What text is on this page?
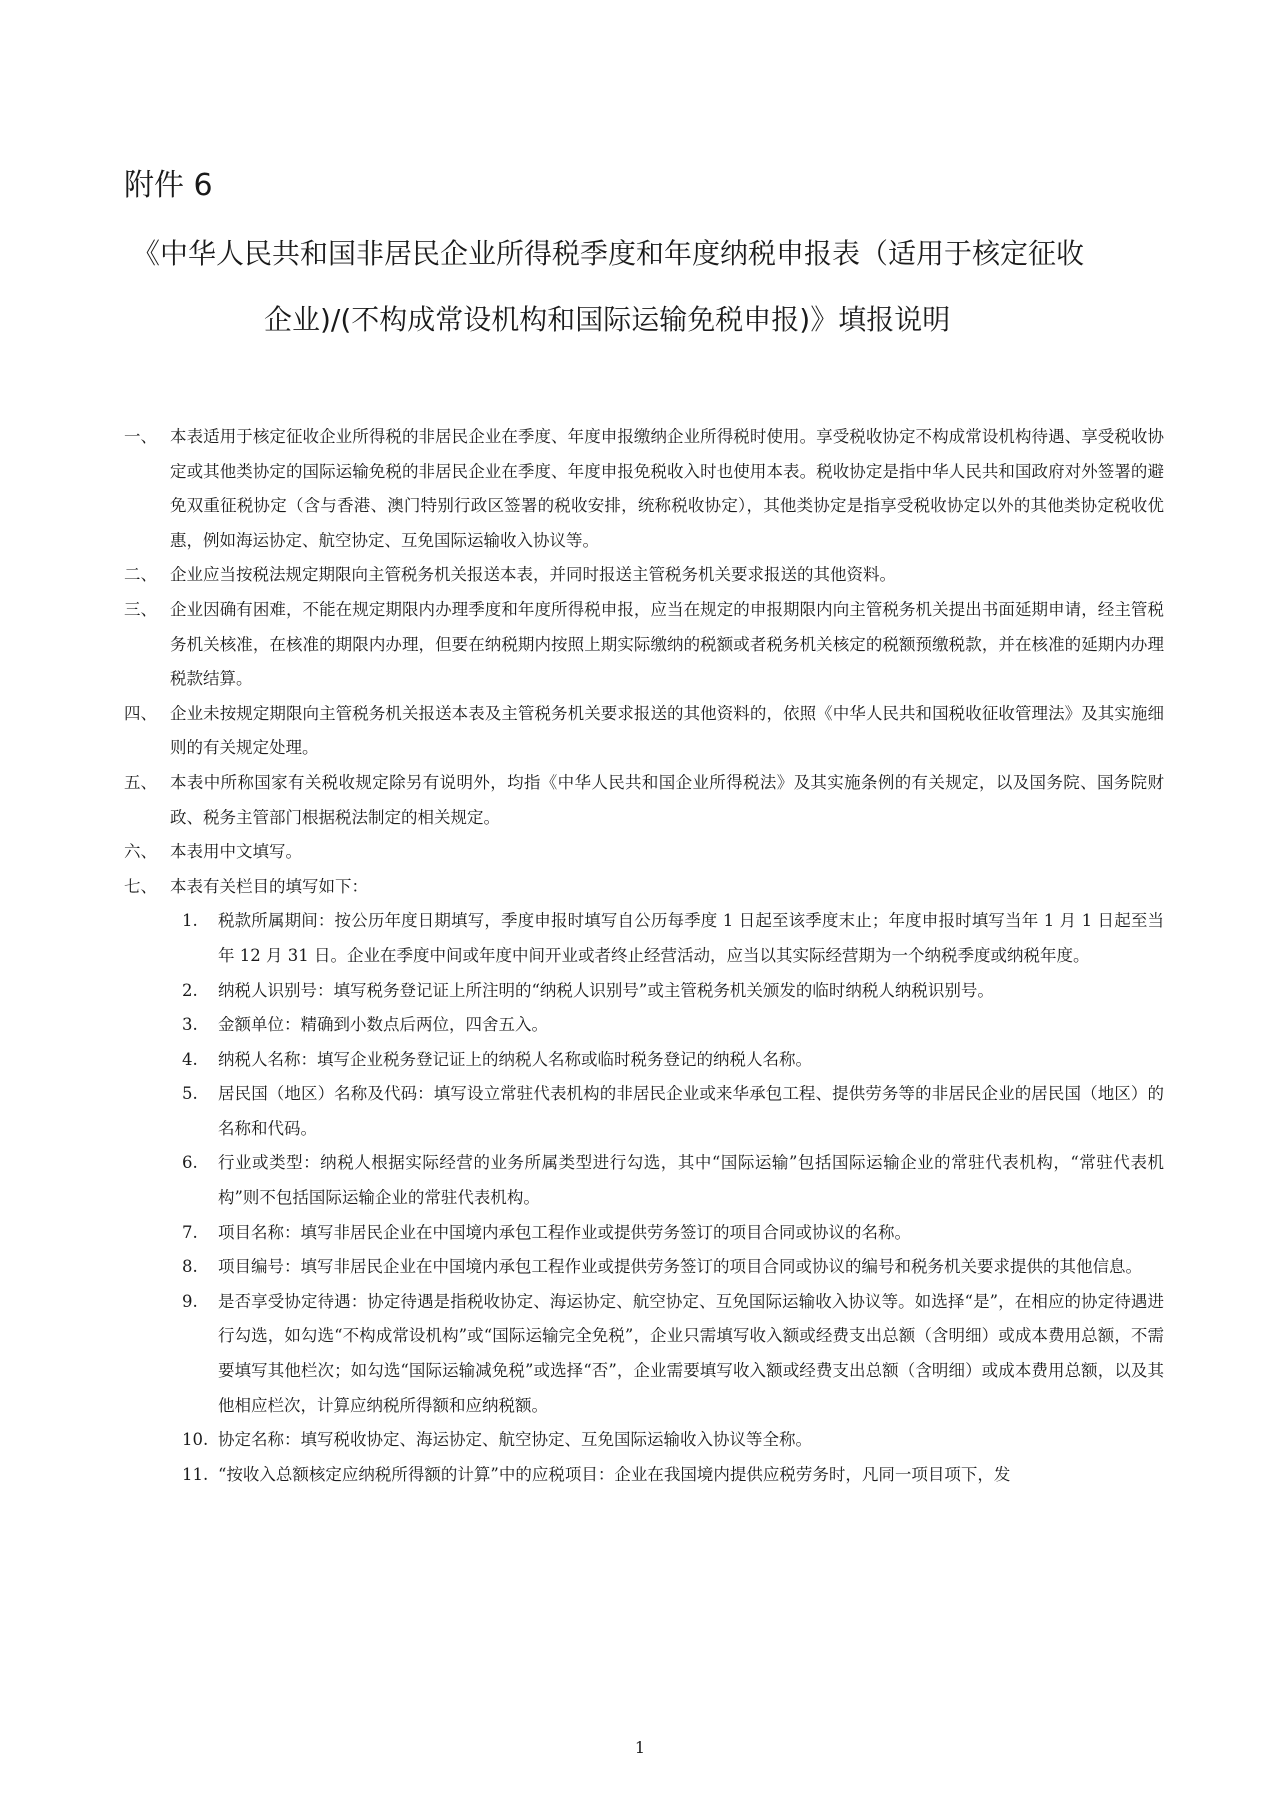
附件 6
《中华人民共和国非居民企业所得税季度和年度纳税申报表（适用于核定征收
企业)/(不构成常设机构和国际运输免税申报)》填报说明
一、 本表适用于核定征收企业所得税的非居民企业在季度、年度申报缴纳企业所得税时使用。享受税收协定不构成常设机构待遇、享受税收协定或其他类协定的国际运输免税的非居民企业在季度、年度申报免税收入时也使用本表。税收协定是指中华人民共和国政府对外签署的避免双重征税协定（含与香港、澳门特别行政区签署的税收安排，统称税收协定），其他类协定是指享受税收协定以外的其他类协定税收优惠，例如海运协定、航空协定、互免国际运输收入协议等。
二、 企业应当按税法规定期限向主管税务机关报送本表，并同时报送主管税务机关要求报送的其他资料。
三、 企业因确有困难，不能在规定期限内办理季度和年度所得税申报，应当在规定的申报期限内向主管税务机关提出书面延期申请，经主管税务机关核准，在核准的期限内办理，但要在纳税期内按照上期实际缴纳的税额或者税务机关核定的税额预缴税款，并在核准的延期内办理税款结算。
四、 企业未按规定期限向主管税务机关报送本表及主管税务机关要求报送的其他资料的，依照《中华人民共和国税收征收管理法》及其实施细则的有关规定处理。
五、 本表中所称国家有关税收规定除另有说明外，均指《中华人民共和国企业所得税法》及其实施条例的有关规定，以及国务院、国务院财政、税务主管部门根据税法制定的相关规定。
六、 本表用中文填写。
七、 本表有关栏目的填写如下：
1.	税款所属期间：按公历年度日期填写，季度申报时填写自公历每季度 1 日起至该季度末止；年度申报时填写当年 1 月 1 日起至当年 12 月 31 日。企业在季度中间或年度中间开业或者终止经营活动，应当以其实际经营期为一个纳税季度或纳税年度。
2.	纳税人识别号：填写税务登记证上所注明的“纳税人识别号”或主管税务机关颁发的临时纳税人纳税识别号。
3.	金额单位：精确到小数点后两位，四舍五入。
4.	纳税人名称：填写企业税务登记证上的纳税人名称或临时税务登记的纳税人名称。
5.	居民国（地区）名称及代码：填写设立常驻代表机构的非居民企业或来华承包工程、提供劳务等的非居民企业的居民国（地区）的名称和代码。
6.	行业或类型：纳税人根据实际经营的业务所属类型进行勾选，其中“国际运输”包括国际运输企业的常驻代表机构，“常驻代表机构”则不包括国际运输企业的常驻代表机构。
7.	项目名称：填写非居民企业在中国境内承包工程作业或提供劳务签订的项目合同或协议的名称。
8.	项目编号：填写非居民企业在中国境内承包工程作业或提供劳务签订的项目合同或协议的编号和税务机关要求提供的其他信息。
9.	是否享受协定待遇：协定待遇是指税收协定、海运协定、航空协定、互免国际运输收入协议等。如选择“是”，在相应的协定待遇进行勾选，如勾选“不构成常设机构”或“国际运输完全免税”，企业只需填写收入额或经费支出总额（含明细）或成本费用总额，不需要填写其他栏次；如勾选“国际运输减免税”或选择“否”，企业需要填写收入额或经费支出总额（含明细）或成本费用总额，以及其他相应栏次，计算应纳税所得额和应纳税额。
10. 协定名称：填写税收协定、海运协定、航空协定、互免国际运输收入协议等全称。
11. “按收入总额核定应纳税所得额的计算”中的应税项目：企业在我国境内提供应税劳务时，凡同一项目项下，发
1
